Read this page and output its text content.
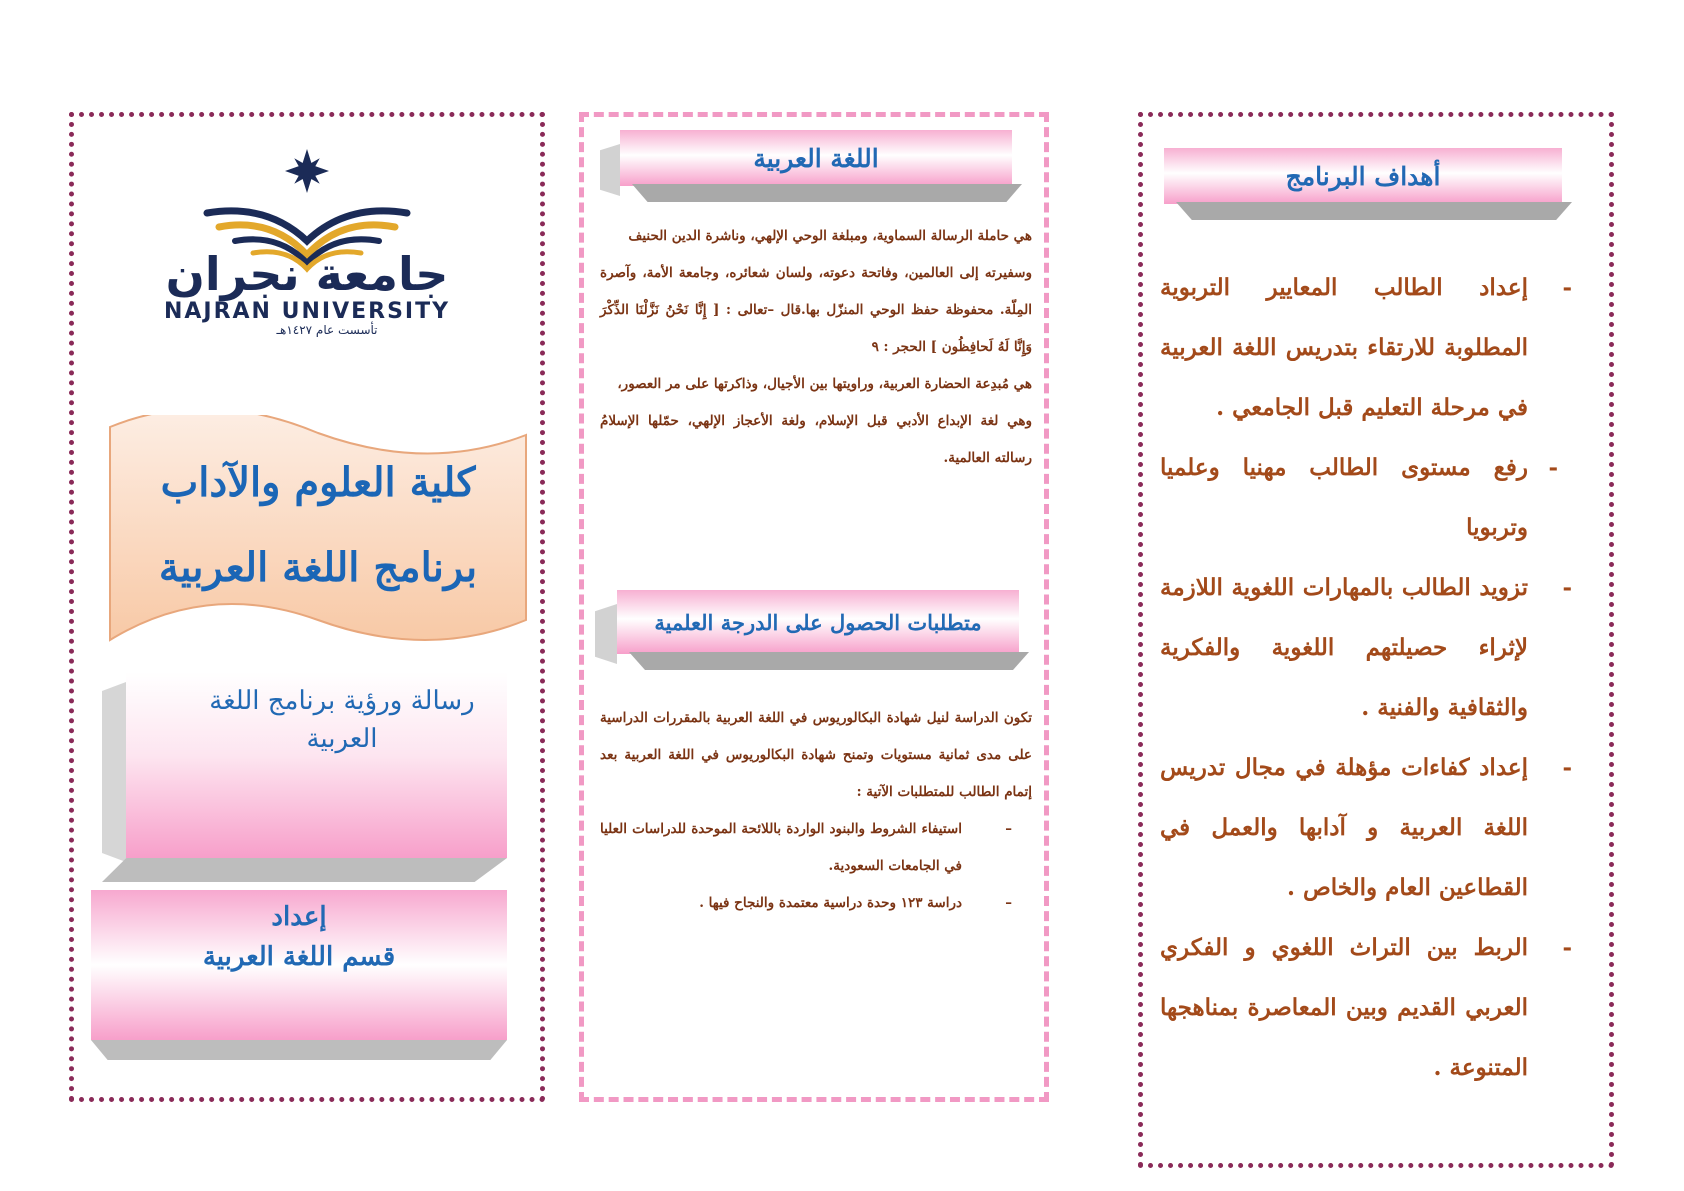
جامعة نجران
NAJRAN UNIVERSITY
تأسست عام ١٤٢٧هـ
كلية العلوم والآداب
برنامج اللغة العربية
رسالة ورؤية برنامج اللغة العربية
إعداد
قسم اللغة العربية
اللغة العربية
هي حاملة الرسالة السماوية، ومبلغة الوحي الإلهي، وناشرة الدين الحنيف
وسفيرته إلى العالمين، وفاتحة دعوته، ولسان شعائره، وجامعة الأمة، وآصرة المِلّة. محفوظة حفظ الوحي المنزّل بها.قال –تعالى : [ إِنَّا نَحْنُ نَزَّلْنَا الذِّكْرَ وَإِنَّا لَهُ لَحافِظُون ] الحجر : ٩
هي مُبدِعة الحضارة العربية، وراويتها بين الأجيال، وذاكرتها على مر العصور،
وهي لغة الإبداع الأدبي قبل الإسلام، ولغة الأعجاز الإلهي، حمّلها الإسلامُ رسالته العالمية.
متطلبات الحصول على الدرجة العلمية
تكون الدراسة لنيل شهادة البكالوريوس في اللغة العربية بالمقررات الدراسية على مدى ثمانية مستويات وتمنح شهادة البكالوريوس في اللغة العربية بعد إتمام الطالب للمتطلبات الآتية :
–
استيفاء الشروط والبنود الواردة باللائحة الموحدة للدراسات العليا في الجامعات السعودية.
–
دراسة ١٢٣ وحدة دراسية معتمدة والنجاح فيها .
أهداف البرنامج
-
إعداد الطالب المعايير التربوية المطلوبة للارتقاء بتدريس اللغة العربية في مرحلة التعليم قبل الجامعي .
-
رفع مستوى الطالب مهنيا وعلميا وتربويا
-
تزويد الطالب بالمهارات اللغوية اللازمة لإثراء حصيلتهم اللغوية والفكرية والثقافية والفنية .
-
إعداد كفاءات مؤهلة في مجال تدريس اللغة العربية و آدابها والعمل في القطاعين العام والخاص .
-
الربط بين التراث اللغوي و الفكري العربي القديم وبين المعاصرة بمناهجها المتنوعة .
